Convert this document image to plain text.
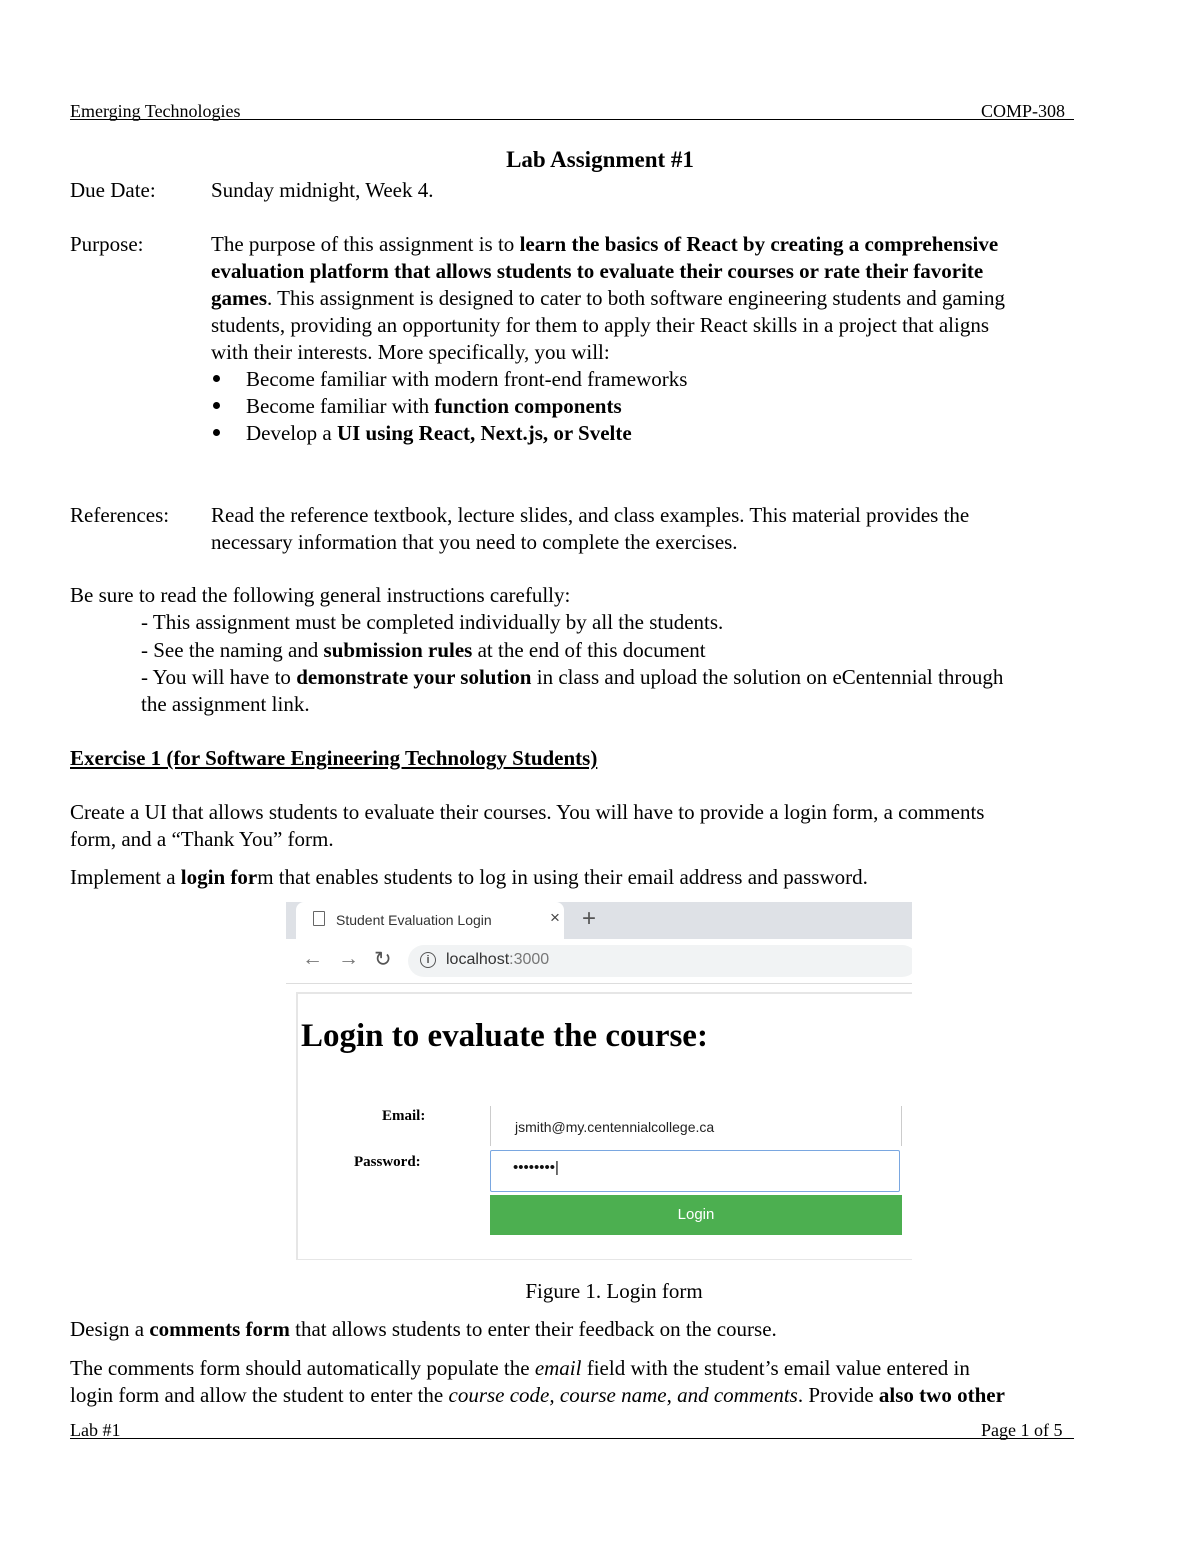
Emerging Technologies	COMP-308
Lab Assignment #1
Due Date:	Sunday midnight, Week 4.
Purpose:	The purpose of this assignment is to learn the basics of React by creating a comprehensive
evaluation platform that allows students to evaluate their courses or rate their favorite
games. This assignment is designed to cater to both software engineering students and gaming
students, providing an opportunity for them to apply their React skills in a project that aligns
with their interests. More specifically, you will:
Become familiar with modern front-end frameworks
Become familiar with function components
Develop a UI using React, Next.js, or Svelte
References: Read the reference textbook, lecture slides, and class examples. This material provides the
necessary information that you need to complete the exercises.
Be sure to read the following general instructions carefully:
- This assignment must be completed individually by all the students.
- See the naming and submission rules at the end of this document
- You will have to demonstrate your solution in class and upload the solution on eCentennial through
the assignment link.
Exercise 1 (for Software Engineering Technology Students)
Create a UI that allows students to evaluate their courses. You will have to provide a login form, a comments
form, and a “Thank You” form.
Implement a login form that enables students to log in using their email address and password.
Student Evaluation Login	× +
← → ↻	i	localhost:3000
Login to evaluate the course:
Email:
jsmith@my.centennialcollege.ca
Password:	••••••••|
Login
Figure 1. Login form
Design a comments form that allows students to enter their feedback on the course.
The comments form should automatically populate the email field with the student’s email value entered in
login form and allow the student to enter the course code, course name, and comments. Provide also two other
Lab #1	Page 1 of 5
